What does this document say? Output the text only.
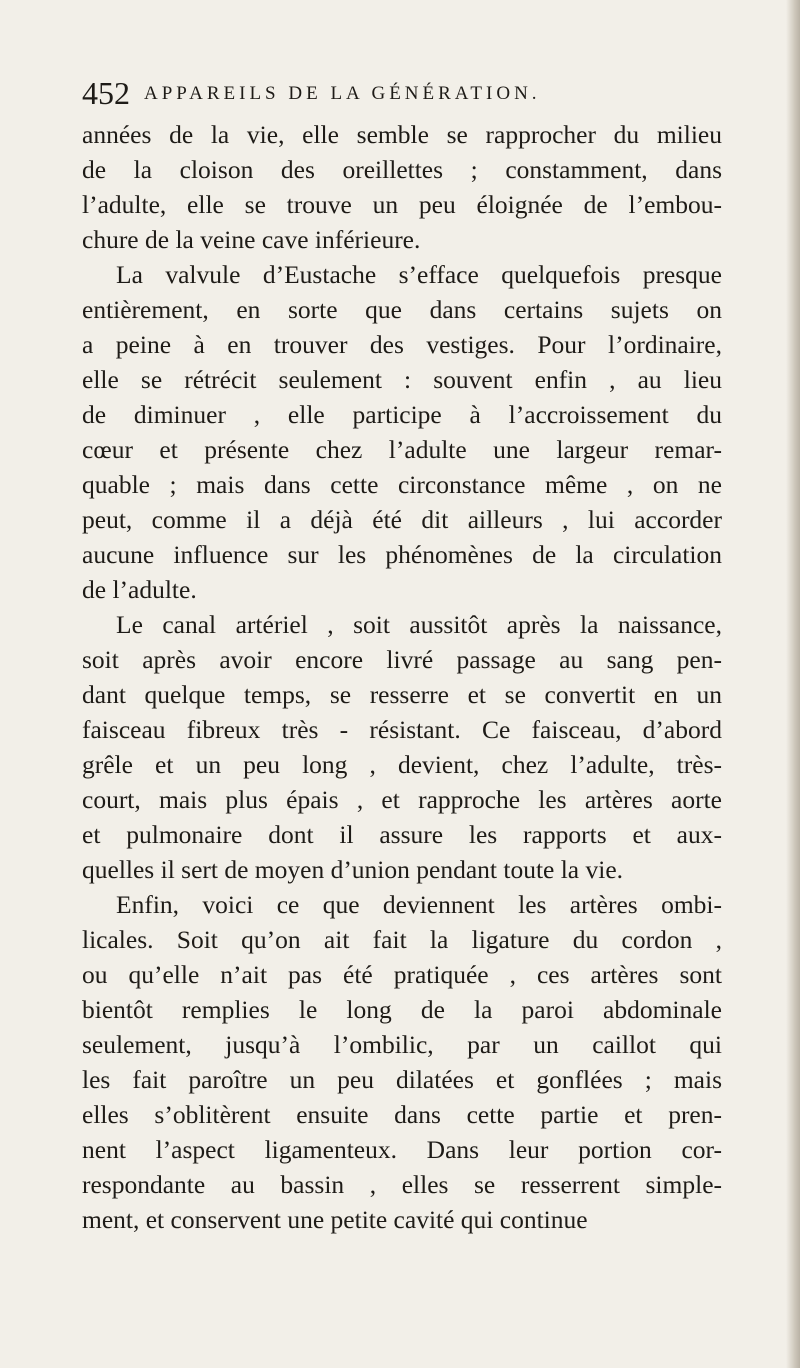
452 APPAREILS DE LA GÉNÉRATION.
années de la vie, elle semble se rapprocher du milieu
de la cloison des oreillettes ; constamment, dans
l’adulte, elle se trouve un peu éloignée de l’embou-
chure de la veine cave inférieure.
La valvule d’Eustache s’efface quelquefois presque
entièrement, en sorte que dans certains sujets on
a peine à en trouver des vestiges. Pour l’ordinaire,
elle se rétrécit seulement : souvent enfin , au lieu
de diminuer , elle participe à l’accroissement du
cœur et présente chez l’adulte une largeur remar-
quable ; mais dans cette circonstance même , on ne
peut, comme il a déjà été dit ailleurs , lui accorder
aucune influence sur les phénomènes de la circulation
de l’adulte.
Le canal artériel , soit aussitôt après la naissance,
soit après avoir encore livré passage au sang pen-
dant quelque temps, se resserre et se convertit en un
faisceau fibreux très - résistant. Ce faisceau, d’abord
grêle et un peu long , devient, chez l’adulte, très-
court, mais plus épais , et rapproche les artères aorte
et pulmonaire dont il assure les rapports et aux-
quelles il sert de moyen d’union pendant toute la vie.
Enfin, voici ce que deviennent les artères ombi-
licales. Soit qu’on ait fait la ligature du cordon ,
ou qu’elle n’ait pas été pratiquée , ces artères sont
bientôt remplies le long de la paroi abdominale
seulement, jusqu’à l’ombilic, par un caillot qui
les fait paroître un peu dilatées et gonflées ; mais
elles s’oblitèrent ensuite dans cette partie et pren-
nent l’aspect ligamenteux. Dans leur portion cor-
respondante au bassin , elles se resserrent simple-
ment, et conservent une petite cavité qui continue
